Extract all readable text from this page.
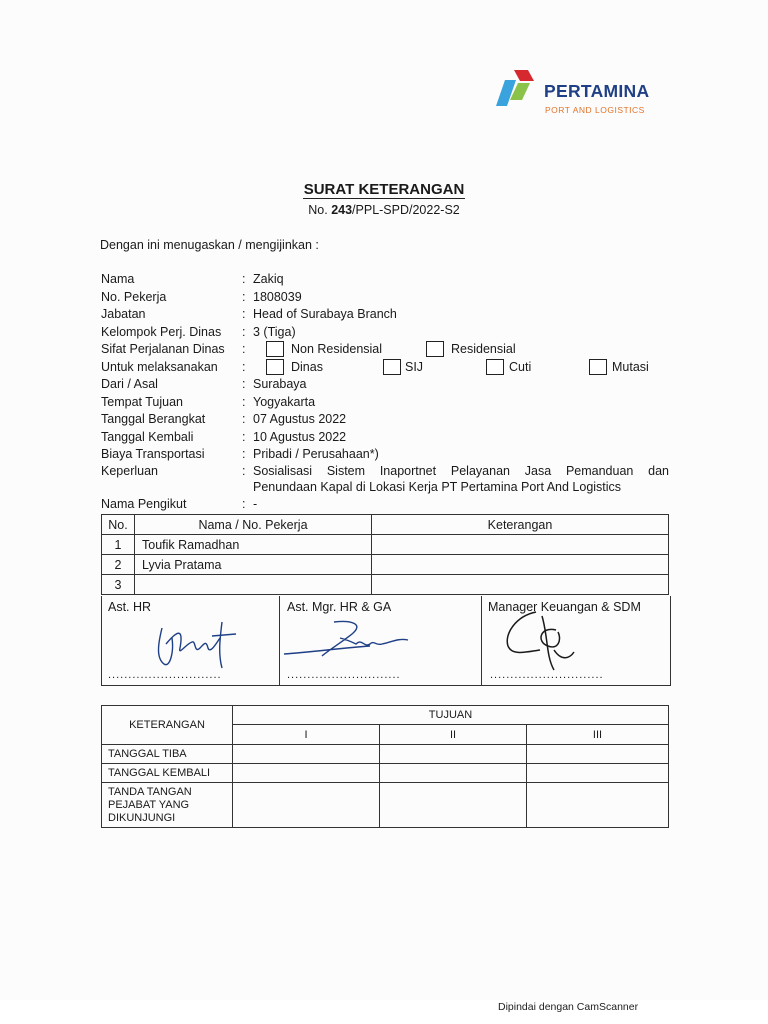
PERTAMINA
PORT AND LOGISTICS
SURAT KETERANGAN
No. 243/PPL-SPD/2022-S2
Dengan ini menugaskan / mengijinkan :
Nama	: Zakiq
No. Pekerja	: 1808039
Jabatan	: Head of Surabaya Branch
Kelompok Perj. Dinas : 3 (Tiga)
Sifat Perjalanan Dinas :	Non Residensial	Residensial
Untuk melaksanakan :	Dinas	SIJ	Cuti	Mutasi
Dari / Asal	: Surabaya
Tempat Tujuan	: Yogyakarta
Tanggal Berangkat	: 07 Agustus 2022
Tanggal Kembali	: 10 Agustus 2022
Biaya Transportasi	: Pribadi / Perusahaan*)
Keperluan	: Sosialisasi Sistem Inaportnet Pelayanan Jasa Pemanduan dan
Penundaan Kapal di Lokasi Kerja PT Pertamina Port And Logistics
Nama Pengikut	: -
No.	Nama / No. Pekerja	Keterangan
1	Toufik Ramadhan	
2	Lyvia Pratama	
3		
Ast. HR
............................
Ast. Mgr. HR & GA
............................
Manager Keuangan & SDM
............................
KETERANGAN	TUJUAN		
	I	II	III
TANGGAL TIBA			
TANGGAL KEMBALI			
TANDA TANGAN
PEJABAT YANG
DIKUNJUNGI			
Dipindai dengan CamScanner
